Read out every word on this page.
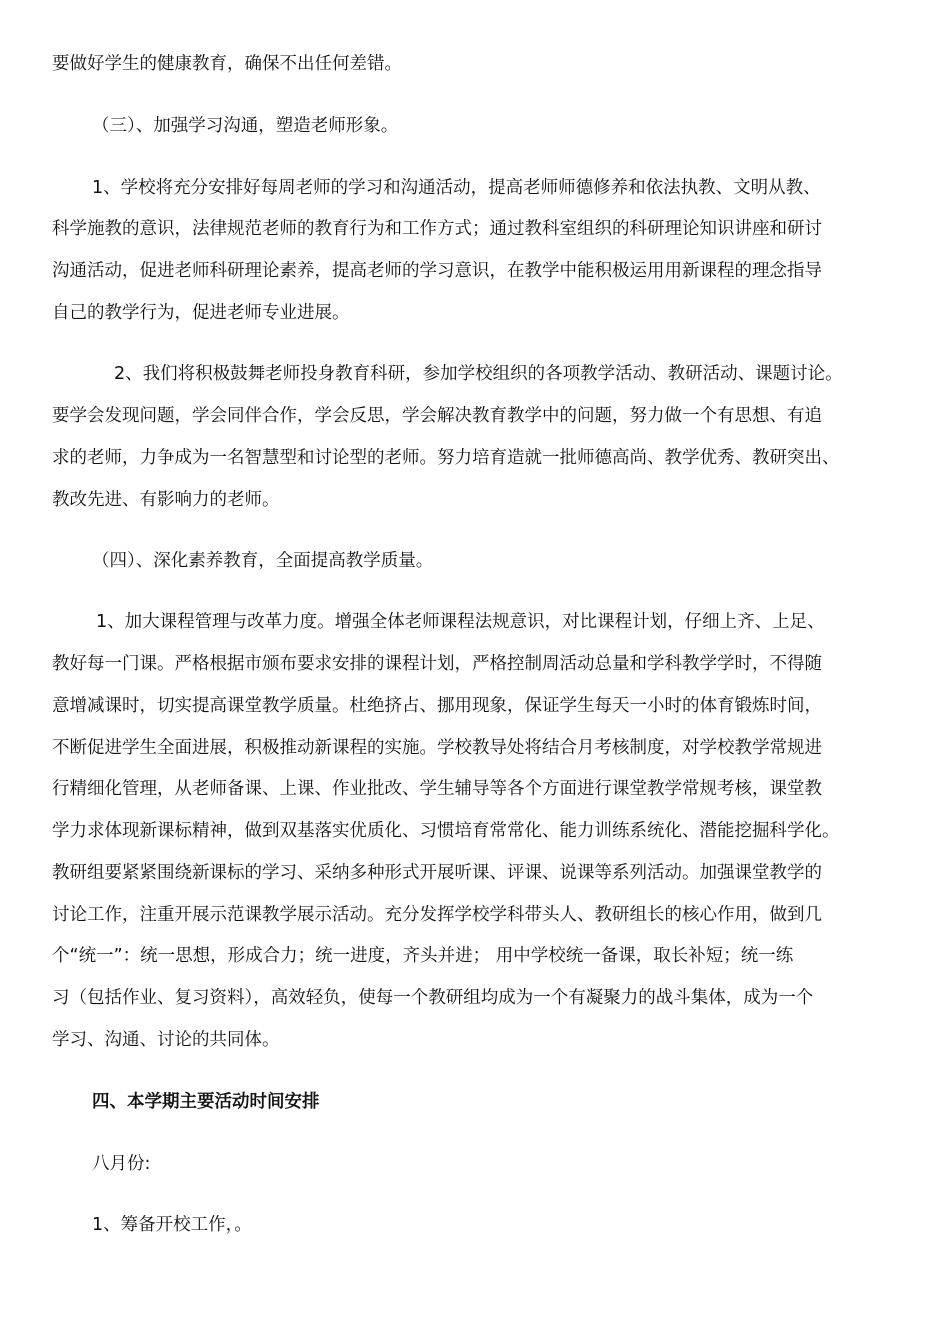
要做好学生的健康教育，确保不出任何差错。
（三）、加强学习沟通，塑造老师形象。
1、学校将充分安排好每周老师的学习和沟通活动，提高老师师德修养和依法执教、文明从教、
科学施教的意识，法律规范老师的教育行为和工作方式；通过教科室组织的科研理论知识讲座和研讨
沟通活动，促进老师科研理论素养，提高老师的学习意识，在教学中能积极运用用新课程的理念指导
自己的教学行为，促进老师专业进展。
2、我们将积极鼓舞老师投身教育科研，参加学校组织的各项教学活动、教研活动、课题讨论。
要学会发现问题，学会同伴合作，学会反思，学会解决教育教学中的问题，努力做一个有思想、有追
求的老师，力争成为一名智慧型和讨论型的老师。努力培育造就一批师德高尚、教学优秀、教研突出、
教改先进、有影响力的老师。
（四）、深化素养教育，全面提高教学质量。
1、加大课程管理与改革力度。增强全体老师课程法规意识，对比课程计划，仔细上齐、上足、
教好每一门课。严格根据市颁布要求安排的课程计划，严格控制周活动总量和学科教学学时，不得随
意增减课时，切实提高课堂教学质量。杜绝挤占、挪用现象，保证学生每天一小时的体育锻炼时间，
不断促进学生全面进展，积极推动新课程的实施。学校教导处将结合月考核制度，对学校教学常规进
行精细化管理，从老师备课、上课、作业批改、学生辅导等各个方面进行课堂教学常规考核，课堂教
学力求体现新课标精神，做到双基落实优质化、习惯培育常常化、能力训练系统化、潜能挖掘科学化。
教研组要紧紧围绕新课标的学习、采纳多种形式开展听课、评课、说课等系列活动。加强课堂教学的
讨论工作，注重开展示范课教学展示活动。充分发挥学校学科带头人、教研组长的核心作用，做到几
个“统一”：统一思想，形成合力；统一进度，齐头并进； 用中学校统一备课，取长补短；统一练
习（包括作业、复习资料），高效轻负，使每一个教研组均成为一个有凝聚力的战斗集体，成为一个
学习、沟通、讨论的共同体。
四、本学期主要活动时间安排
八月份:
1、筹备开校工作，。
